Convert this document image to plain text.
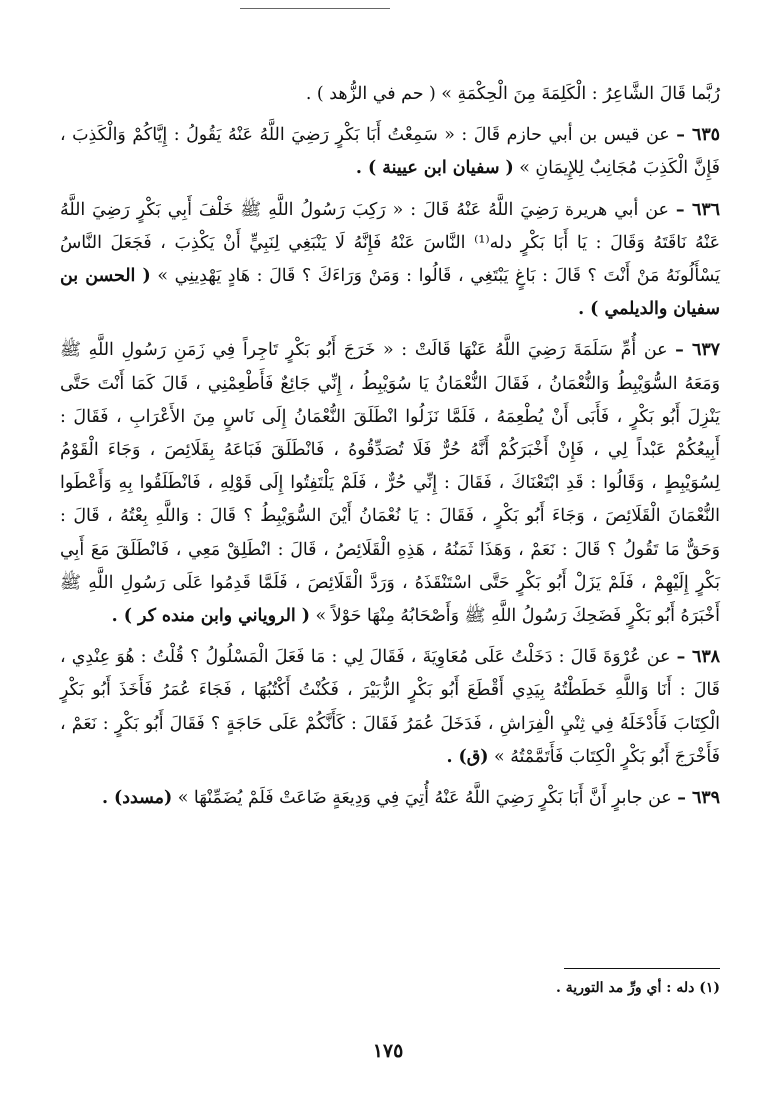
رُبَّما قَالَ الشَّاعِرُ : الْكَلِمَةَ مِنَ الْحِكْمَةِ » ( حم في الزُّهد ) .

٦٣٥ – عن قيس بن أبي حازم قَالَ : « سَمِعْتُ أَبَا بَكْرٍ رَضِيَ اللَّهُ عَنْهُ يَقُولُ : إِيَّاكُمْ وَالْكَذِبَ ، فَإِنَّ الْكَذِبَ مُجَانِبٌ لِلإِيمَانِ » ( سفيان ابن عيينة ) .

٦٣٦ – عن أبي هريرة رَضِيَ اللَّهُ عَنْهُ قَالَ : « رَكِبَ رَسُولُ اللَّهِ ﷺ خَلْفَ أَبِي بَكْرٍ رَضِيَ اللَّهُ عَنْهُ نَاقَتَهُ وَقَالَ : يَا أَبَا بَكْرٍ دله⁽¹⁾ النَّاسَ عَنْهُ فَإِنَّهُ لَا يَنْبَغِي لِنَبِيٍّ أَنْ يَكْذِبَ ، فَجَعَلَ النَّاسُ يَسْأَلُونَهُ مَنْ أَنْتَ ؟ قَالَ : بَاغٍ يَبْتَغِي ، قَالُوا : وَمَنْ وَرَاءَكَ ؟ قَالَ : هَادٍ يَهْدِينِي » ( الحسن بن سفيان والديلمي ) .

٦٣٧ – عن أُمِّ سَلَمَةَ رَضِيَ اللَّهُ عَنْهَا قَالَتْ : « خَرَجَ أَبُو بَكْرٍ تَاجِراً فِي زَمَنِ رَسُولِ اللَّهِ ﷺ وَمَعَهُ السُّوَيْبِطُ وَالنُّعْمَانُ ، فَقَالَ النُّعْمَانُ يَا سُوَيْبِطُ ، إِنِّي جَائِعٌ فَأَطْعِمْنِي ، قَالَ كَمَا أَنْتَ حَتَّى يَنْزِلَ أَبُو بَكْرٍ ، فَأَبَى أَنْ يُطْعِمَهُ ، فَلَمَّا نَزَلُوا انْطَلَقَ النُّعْمَانُ إِلَى نَاسٍ مِنَ الأَعْرَابِ ، فَقَالَ : أَبِيعُكُمْ عَبْداً لِي ، فَإِنْ أَخْبَرَكُمْ أَنَّهُ حُرٌّ فَلَا تُصَدِّقُوهُ ، فَانْطَلَقَ فَبَاعَهُ بِقَلَائِصَ ، وَجَاءَ الْقَوْمُ لِسُوَيْبِطٍ ، وَقَالُوا : قَدِ ابْتَعْنَاكَ ، فَقَالَ : إِنِّي حُرٌّ ، فَلَمْ يَلْتَفِتُوا إِلَى قَوْلِهِ ، فَانْطَلَقُوا بِهِ وَأَعْطَوا النُّعْمَانَ الْقَلَائِصَ ، وَجَاءَ أَبُو بَكْرٍ ، فَقَالَ : يَا نُعْمَانُ أَيْنَ السُّوَيْبِطُ ؟ قَالَ : وَاللَّهِ بِعْتُهُ ، قَالَ : وَحَقٌّ مَا تَقُولُ ؟ قَالَ : نَعَمْ ، وَهَذَا ثَمَنُهُ ، هَذِهِ الْقَلَائِصُ ، قَالَ : انْطَلِقْ مَعِي ، فَانْطَلَقَ مَعَ أَبِي بَكْرٍ إِلَيْهِمْ ، فَلَمْ يَزَلْ أَبُو بَكْرٍ حَتَّى اسْتَنْقَذَهُ ، وَرَدَّ الْقَلَائِصَ ، فَلَمَّا قَدِمُوا عَلَى رَسُولِ اللَّهِ ﷺ أَخْبَرَهُ أَبُو بَكْرٍ فَضَحِكَ رَسُولُ اللَّهِ ﷺ وَأَصْحَابُهُ مِنْهَا حَوْلاً » ( الروياني وابن منده كر ) .

٦٣٨ – عن عُرْوَةَ قَالَ : دَخَلْتُ عَلَى مُعَاوِيَةَ ، فَقَالَ لِي : مَا فَعَلَ الْمَسْلُولُ ؟ قُلْتُ : هُوَ عِنْدِي ، قَالَ : أَنَا وَاللَّهِ خَطَطْتُهُ بِيَدِي أَقْطَعَ أَبُو بَكْرٍ الزُّبَيْرَ ، فَكُنْتُ أَكْتُبُهَا ، فَجَاءَ عُمَرُ فَأَخَذَ أَبُو بَكْرٍ الْكِتَابَ فَأَدْخَلَهُ فِي ثِنْيِ الْفِرَاشِ ، فَدَخَلَ عُمَرُ فَقَالَ : كَأَنَّكُمْ عَلَى حَاجَةٍ ؟ فَقَالَ أَبُو بَكْرٍ : نَعَمْ ، فَأَخْرَجَ أَبُو بَكْرٍ الْكِتَابَ فَأَتَمَّمْتُهُ » (ق) .

٦٣٩ – عن جابرٍ أَنَّ أَبَا بَكْرٍ رَضِيَ اللَّهُ عَنْهُ أُتِيَ فِي وَدِيعَةٍ ضَاعَتْ فَلَمْ يُضَمِّنْهَا » (مسدد) .

(١) دله : أي ورِّ مد التورية .
١٧٥
